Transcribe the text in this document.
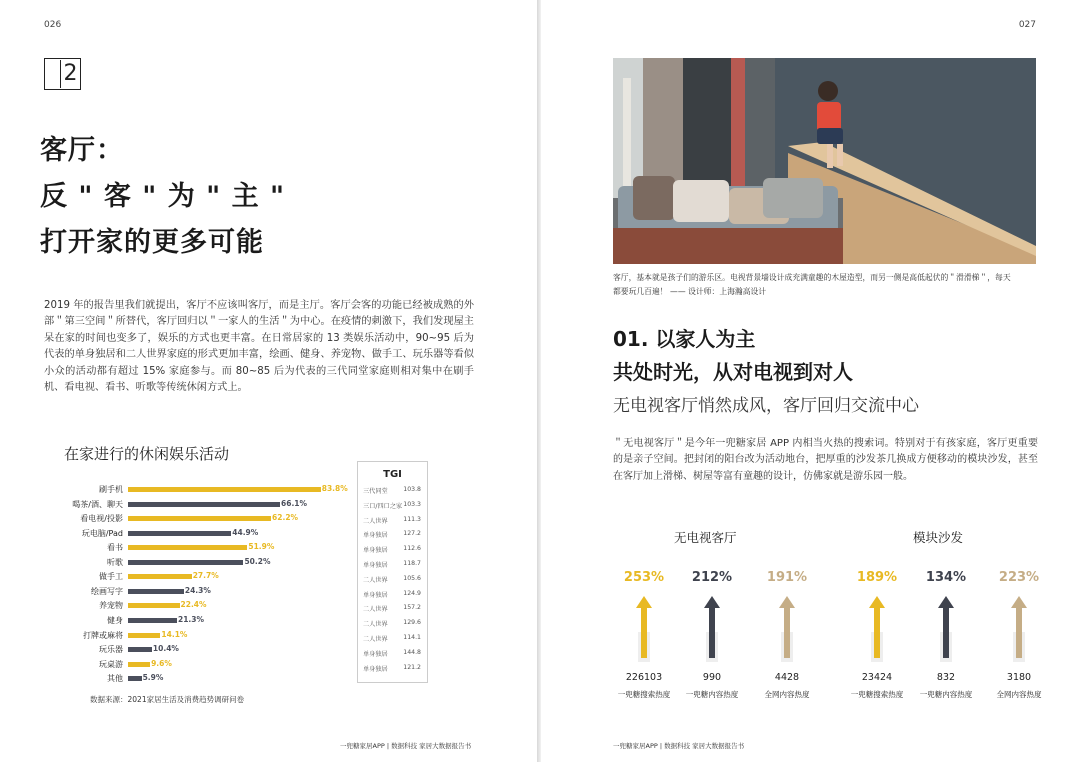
026
2
客厅：
反 " 客 " 为 " 主 "
打开家的更多可能
2019 年的报告里我们就提出，客厅不应该叫客厅，而是主厅。客厅会客的功能已经被成熟的外部＂第三空间＂所替代，客厅回归以＂一家人的生活＂为中心。在疫情的刺激下，我们发现屋主呆在家的时间也变多了，娱乐的方式也更丰富。在日常居家的 13 类娱乐活动中，90~95 后为代表的单身独居和二人世界家庭的形式更加丰富，绘画、健身、养宠物、做手工、玩乐器等看似小众的活动都有超过 15% 家庭参与。而 80~85 后为代表的三代同堂家庭则相对集中在刷手机、看电视、看书、听歌等传统休闲方式上。
在家进行的休闲娱乐活动
数据来源：2021家居生活及消费趋势调研问卷
TGI
三代同堂	103.8
三口/四口之家 103.3
二人世界	111.3
单身独居	127.2
单身独居	112.6
单身独居	118.7
二人世界	105.6
单身独居	124.9
二人世界	157.2
二人世界	129.6
二人世界	114.1
单身独居	144.8
单身独居	121.2
一兜糖家居APP | 数据科技 家居大数据报告书
刷手机	83.8%
喝茶/酒、聊天	66.1%
看电视/投影	62.2%
玩电脑/Pad	44.9%
看书	51.9%
听歌	50.2%
做手工	27.7%
绘画写字	24.3%
养宠物	22.4%
健身	21.3%
打牌或麻将	14.1%
玩乐器	10.4%
玩桌游	9.6%
其他	5.9%
027
客厅，基本就是孩子们的游乐区。电视背景墙设计成充满童趣的木屋造型，而另一侧是高低起伏的＂滑滑梯＂，每天
都要玩几百遍！ —— 设计师：上海瀚高设计
01. 以家人为主
共处时光，从对电视到对人
无电视客厅悄然成风，客厅回归交流中心
＂无电视客厅＂是今年一兜糖家居 APP 内相当火热的搜索词。特别对于有孩家庭，客厅更重要的是亲子空间。把封闭的阳台改为活动地台，把厚重的沙发茶几换成方便移动的模块沙发，甚至在客厅加上滑梯、树屋等富有童趣的设计，仿佛家就是游乐园一般。
一兜糖家居APP | 数据科技 家居大数据报告书
无电视客厅
253%
226103
一兜糖搜索热度
212%
990
一兜糖内容热度
191%
4428
全网内容热度
模块沙发
189%
23424
一兜糖搜索热度
134%
832
一兜糖内容热度
223%
3180
全网内容热度
